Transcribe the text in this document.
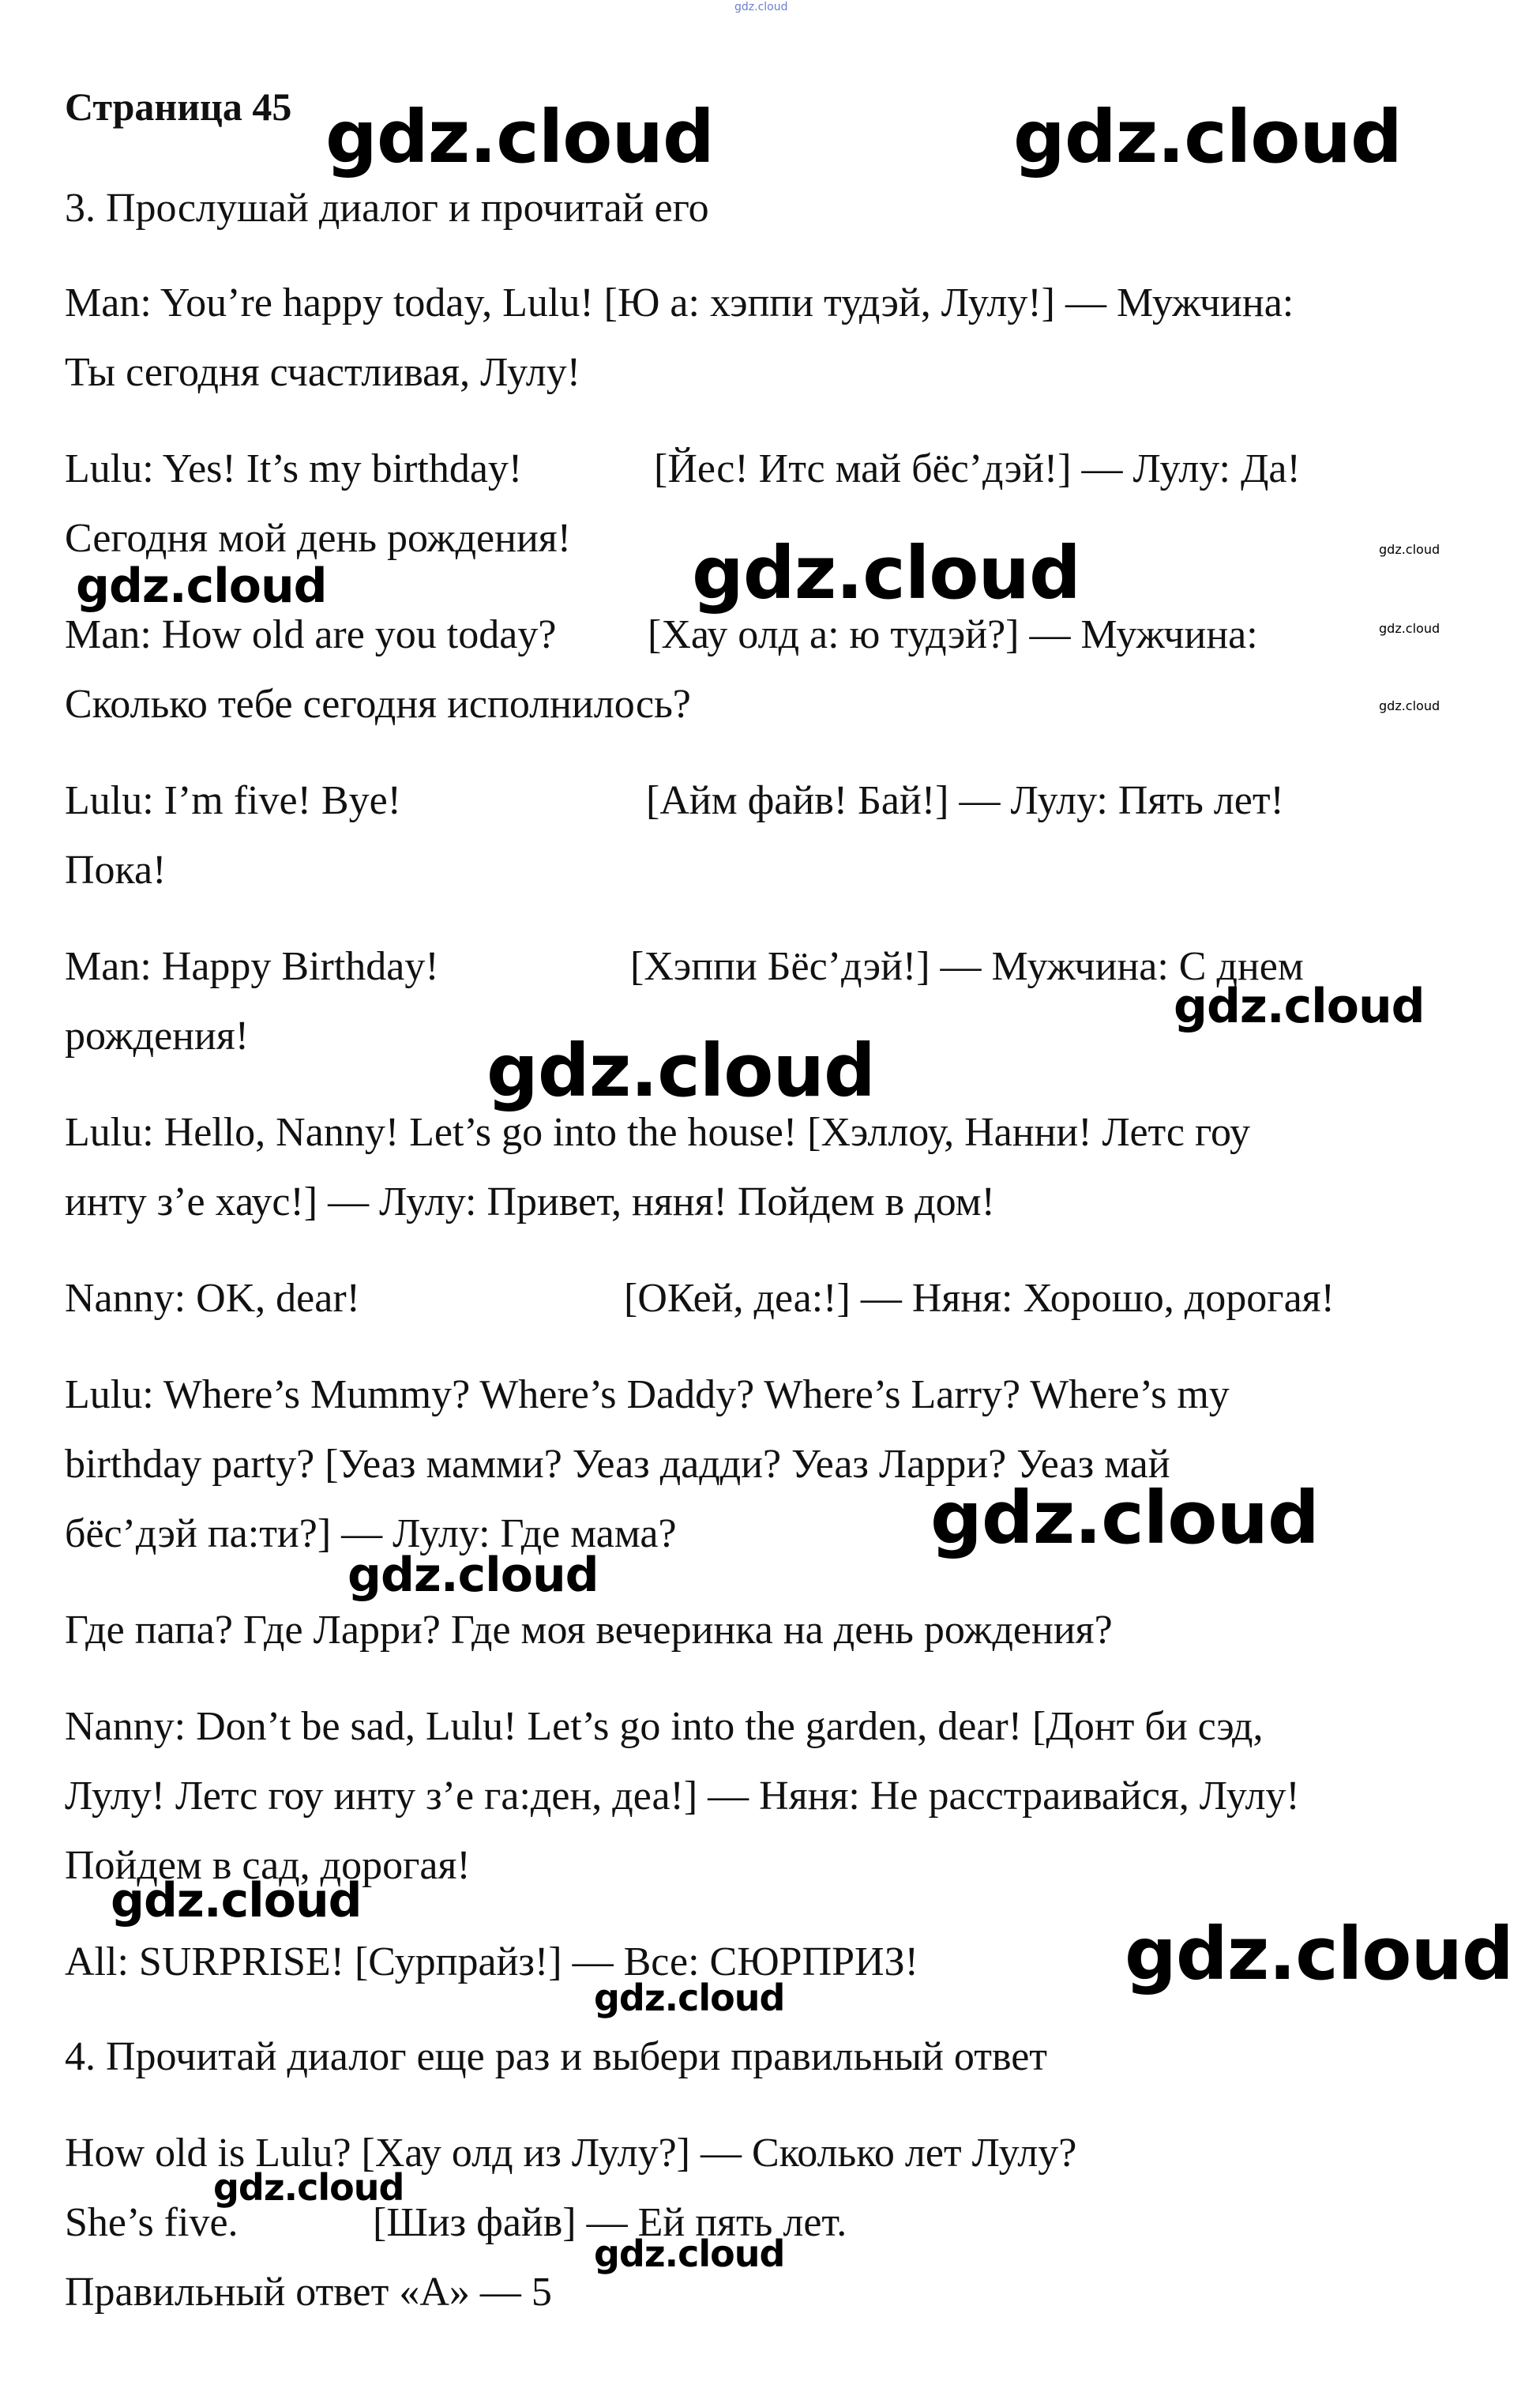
gdz.cloud
Страница 45
3. Прослушай диалог и прочитай его
Man: You’re happy today, Lulu! [Ю а: хэппи тудэй, Лулу!] — Мужчина:
Ты сегодня счастливая, Лулу!
Lulu: Yes! It’s my birthday!	[Йес! Итс май бёс’дэй!] — Лулу: Да!
Сегодня мой день рождения!
Man: How old are you today? [Хау олд а: ю тудэй?] — Мужчина:
Сколько тебе сегодня исполнилось?
Lulu: I’m five! Bye!	[Айм файв! Бай!] — Лулу: Пять лет!
Пока!
Man: Happy Birthday!	[Хэппи Бёс’дэй!] — Мужчина: С днем
рождения!
Lulu: Hello, Nanny! Let’s go into the house! [Хэллоу, Нанни! Летс гоу
инту з’е хаус!] — Лулу: Привет, няня! Пойдем в дом!
Nanny: OK, dear!	[ОКей, деа:!] — Няня: Хорошо, дорогая!
Lulu: Where’s Mummy? Where’s Daddy? Where’s Larry? Where’s my
birthday party? [Уеаз мамми? Уеаз дадди? Уеаз Ларри? Уеаз май
бёс’дэй па:ти?] — Лулу: Где мама?
Где папа? Где Ларри? Где моя вечеринка на день рождения?
Nanny: Don’t be sad, Lulu! Let’s go into the garden, dear! [Донт би сэд,
Лулу! Летс гоу инту з’е га:ден, деа!] — Няня: Не расстраивайся, Лулу!
Пойдем в сад, дорогая!
All: SURPRISE! [Сурпрайз!] — Все: СЮРПРИЗ!
4. Прочитай диалог еще раз и выбери правильный ответ
How old is Lulu? [Хау олд из Лулу?] — Сколько лет Лулу?
She’s five.	[Шиз файв] — Ей пять лет.
Правильный ответ «А» — 5
gdz.cloud	gdz.cloud
gdz.cloud
gdz.cloud
gdz.cloud
gdz.cloud
gdz.cloud
gdz.cloud
gdz.cloud
gdz.cloud
gdz.cloud
gdz.cloud
gdz.cloud
gdz.cloud
gdz.cloud
gdz.cloud
